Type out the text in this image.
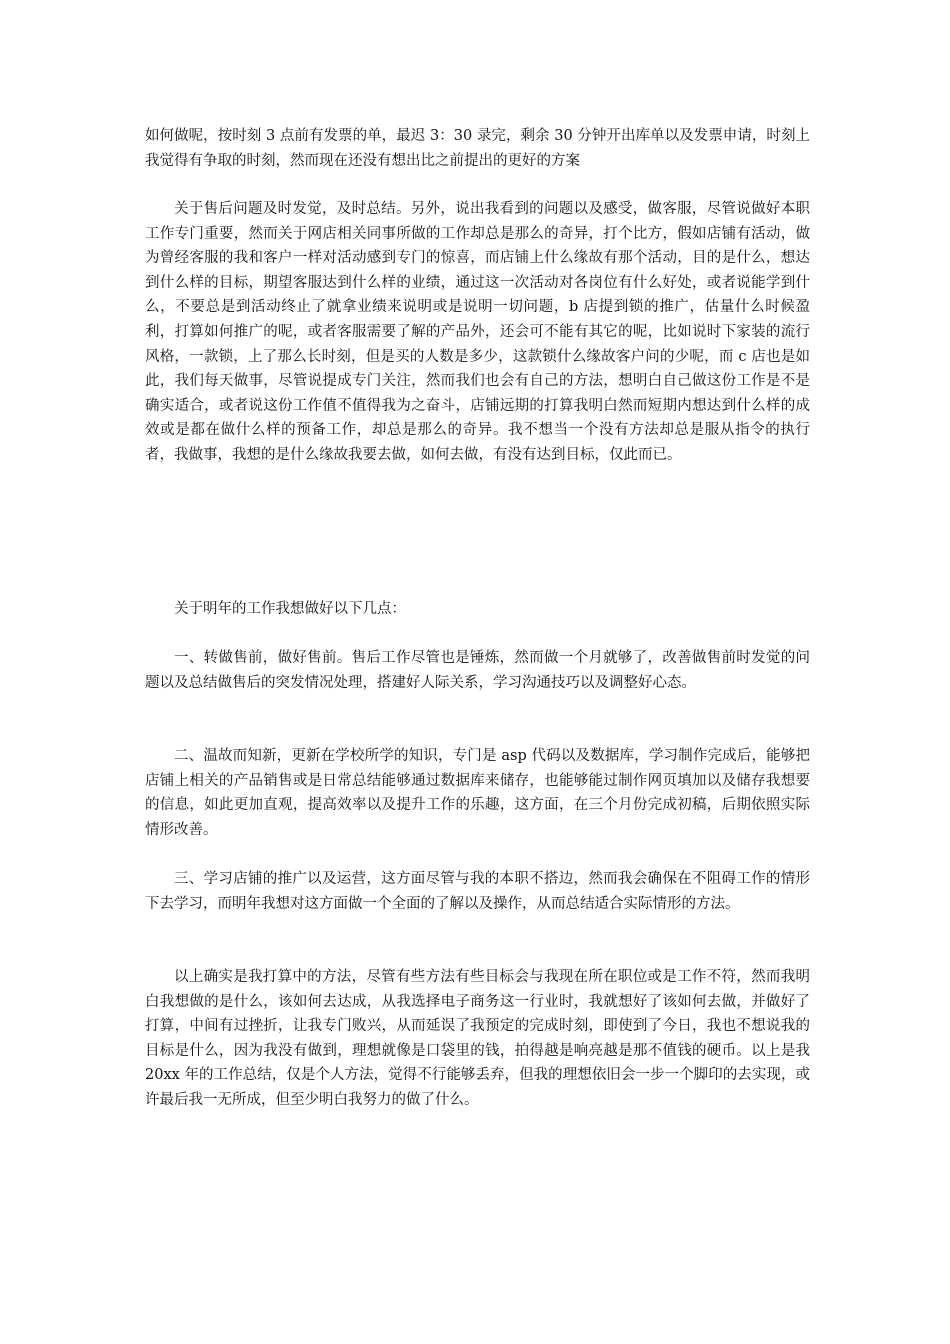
如何做呢，按时刻 3 点前有发票的单，最迟 3：30 录完，剩余 30 分钟开出库单以及发票申请，时刻上我觉得有争取的时刻，然而现在还没有想出比之前提出的更好的方案

关于售后问题及时发觉，及时总结。另外，说出我看到的问题以及感受，做客服，尽管说做好本职工作专门重要，然而关于网店相关同事所做的工作却总是那么的奇异，打个比方，假如店铺有活动，做为曾经客服的我和客户一样对活动感到专门的惊喜，而店铺上什么缘故有那个活动，目的是什么，想达到什么样的目标，期望客服达到什么样的业绩，通过这一次活动对各岗位有什么好处，或者说能学到什么，不要总是到活动终止了就拿业绩来说明或是说明一切问题，b 店提到锁的推广，估量什么时候盈利，打算如何推广的呢，或者客服需要了解的产品外，还会可不能有其它的呢，比如说时下家装的流行风格，一款锁，上了那么长时刻，但是买的人数是多少，这款锁什么缘故客户问的少呢，而 c 店也是如此，我们每天做事，尽管说提成专门关注，然而我们也会有自己的方法，想明白自己做这份工作是不是确实适合，或者说这份工作值不值得我为之奋斗，店铺远期的打算我明白然而短期内想达到什么样的成效或是都在做什么样的预备工作，却总是那么的奇异。我不想当一个没有方法却总是服从指令的执行者，我做事，我想的是什么缘故我要去做，如何去做，有没有达到目标，仅此而已。

关于明年的工作我想做好以下几点：

一、转做售前，做好售前。售后工作尽管也是锤炼，然而做一个月就够了，改善做售前时发觉的问题以及总结做售后的突发情况处理，搭建好人际关系，学习沟通技巧以及调整好心态。

二、温故而知新，更新在学校所学的知识，专门是 asp 代码以及数据库，学习制作完成后，能够把店铺上相关的产品销售或是日常总结能够通过数据库来储存，也能够能过制作网页填加以及储存我想要的信息，如此更加直观，提高效率以及提升工作的乐趣，这方面，在三个月份完成初稿，后期依照实际情形改善。

三、学习店铺的推广以及运营，这方面尽管与我的本职不搭边，然而我会确保在不阻碍工作的情形下去学习，而明年我想对这方面做一个全面的了解以及操作，从而总结适合实际情形的方法。

以上确实是我打算中的方法，尽管有些方法有些目标会与我现在所在职位或是工作不符，然而我明白我想做的是什么，该如何去达成，从我选择电子商务这一行业时，我就想好了该如何去做，并做好了打算，中间有过挫折，让我专门败兴，从而延误了我预定的完成时刻，即使到了今日，我也不想说我的目标是什么，因为我没有做到，理想就像是口袋里的钱，拍得越是响亮越是那不值钱的硬币。以上是我 20xx 年的工作总结，仅是个人方法，觉得不行能够丢弃，但我的理想依旧会一步一个脚印的去实现，或许最后我一无所成，但至少明白我努力的做了什么。
